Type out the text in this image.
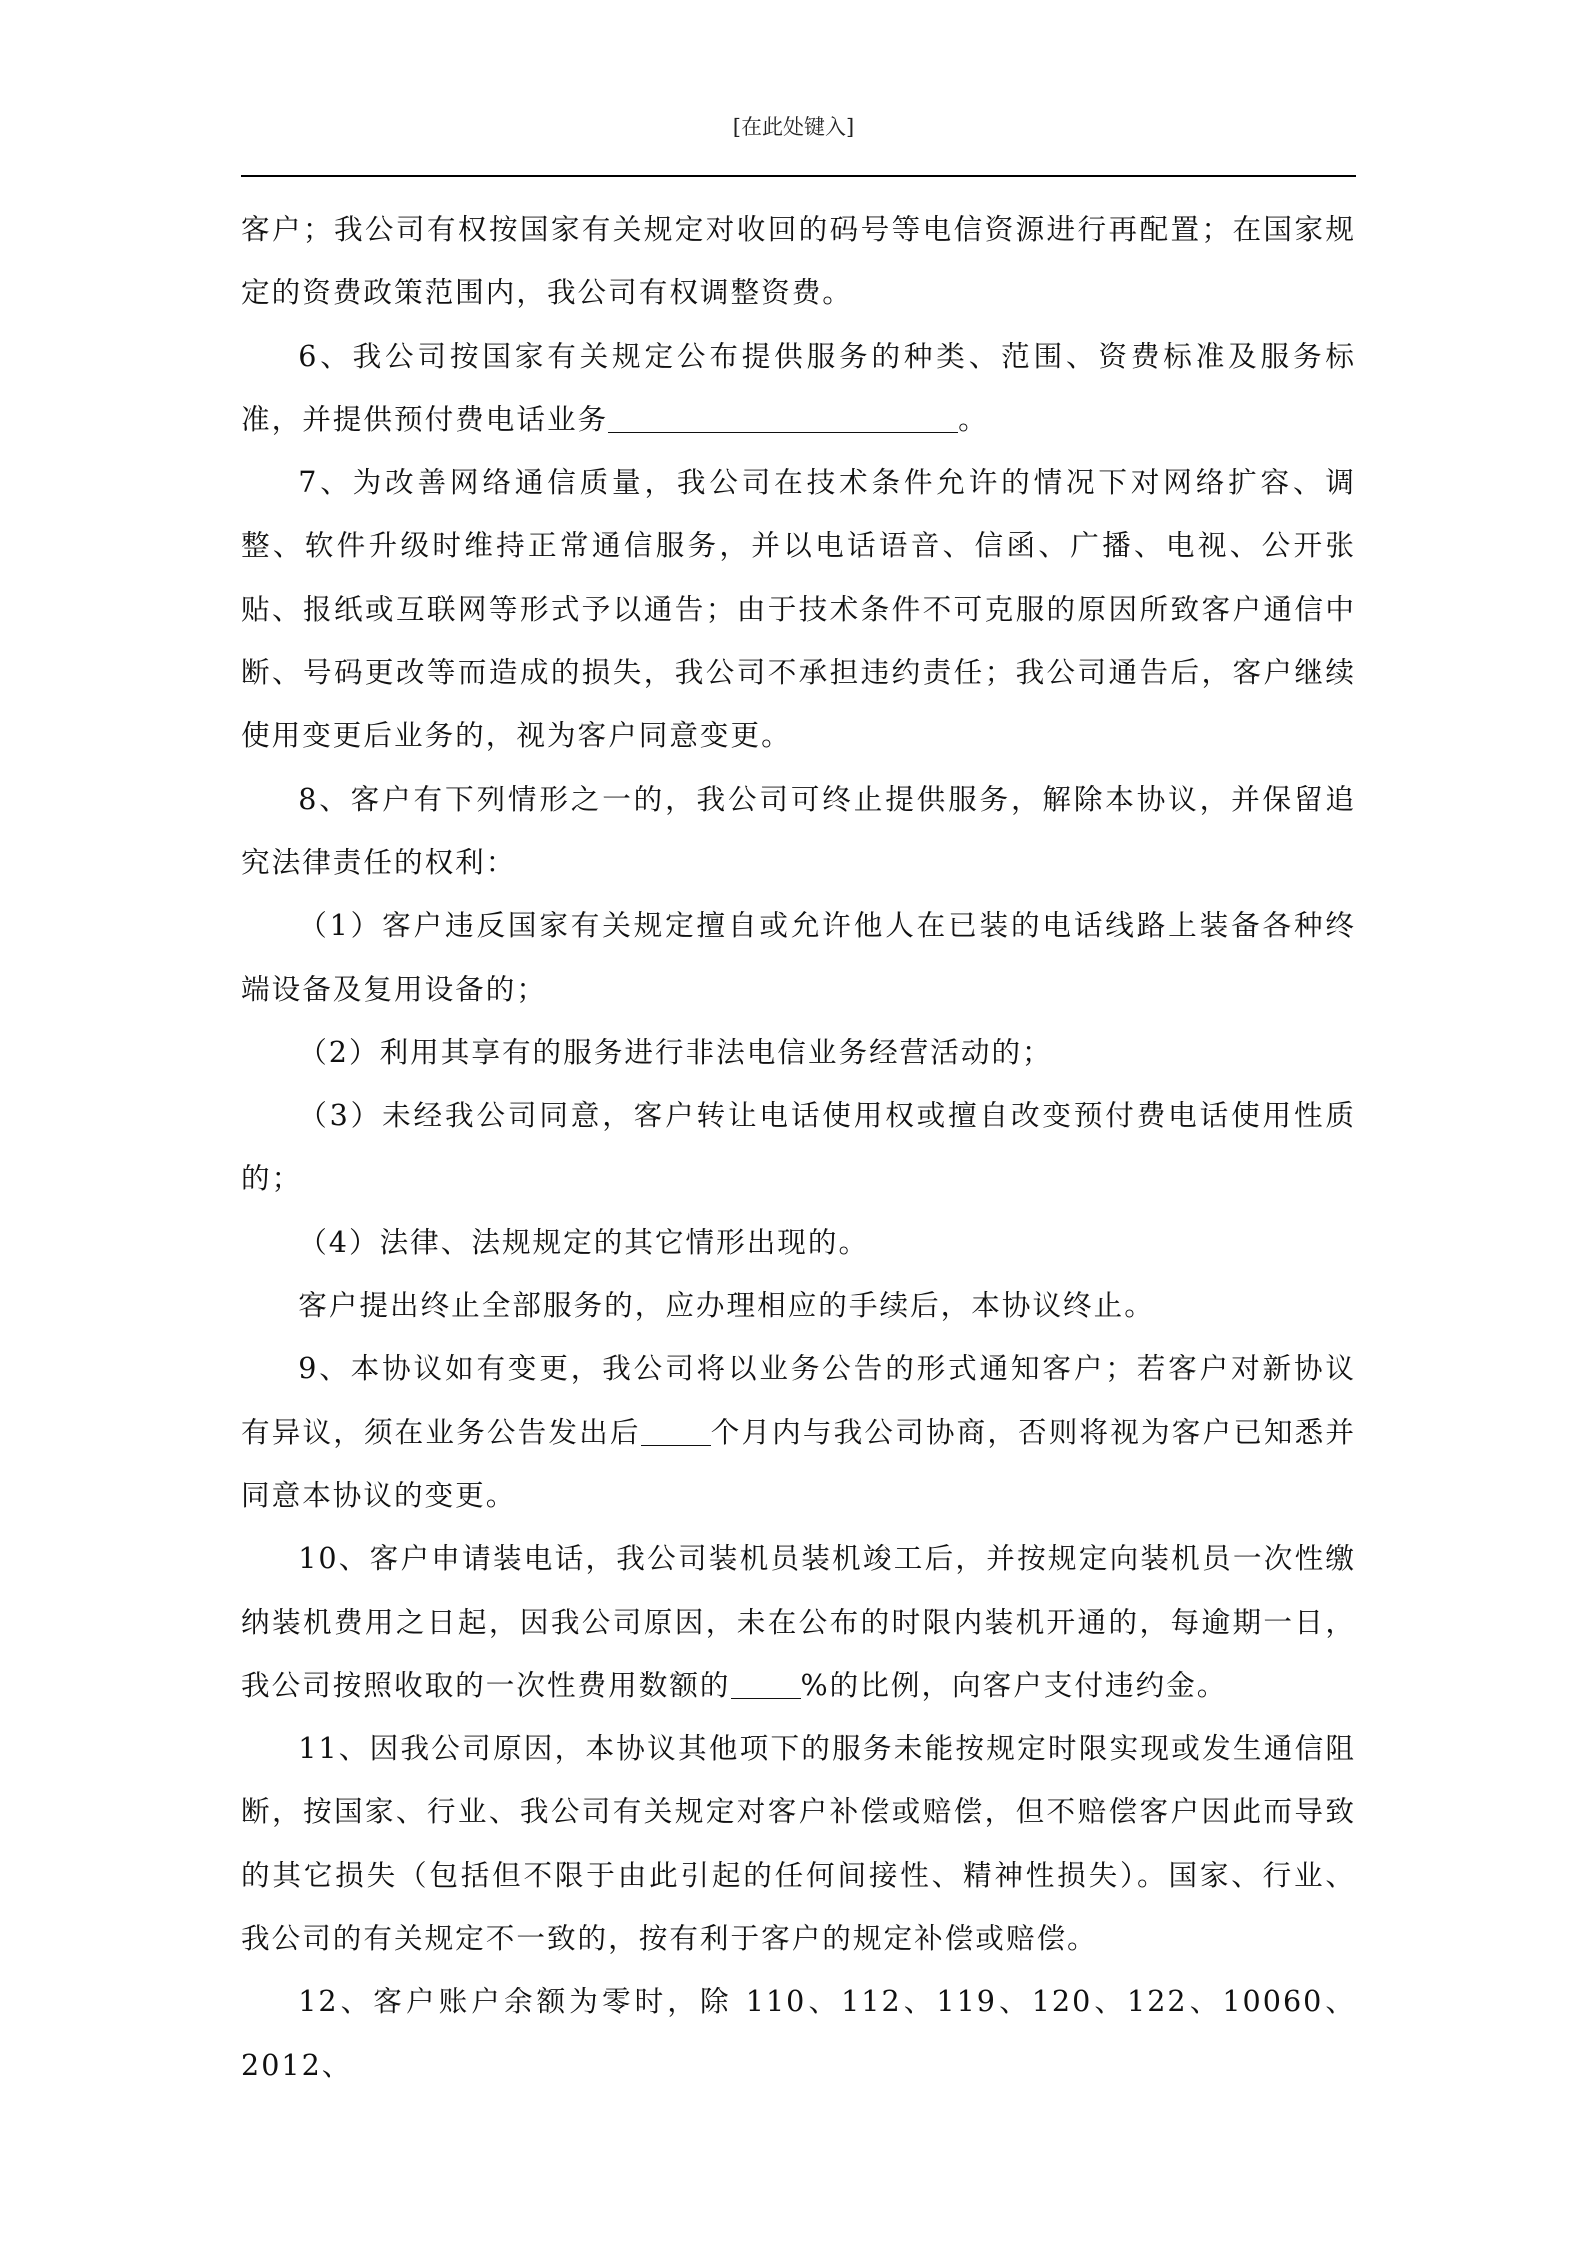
[在此处键入]

客户；我公司有权按国家有关规定对收回的码号等电信资源进行再配置；在国家规定的资费政策范围内，我公司有权调整资费。

6、我公司按国家有关规定公布提供服务的种类、范围、资费标准及服务标准，并提供预付费电话业务	。

7、为改善网络通信质量，我公司在技术条件允许的情况下对网络扩容、调整、软件升级时维持正常通信服务，并以电话语音、信函、广播、电视、公开张贴、报纸或互联网等形式予以通告；由于技术条件不可克服的原因所致客户通信中断、号码更改等而造成的损失，我公司不承担违约责任；我公司通告后，客户继续使用变更后业务的，视为客户同意变更。

8、客户有下列情形之一的，我公司可终止提供服务，解除本协议，并保留追究法律责任的权利：

（1）客户违反国家有关规定擅自或允许他人在已装的电话线路上装备各种终端设备及复用设备的；

（2）利用其享有的服务进行非法电信业务经营活动的；

（3）未经我公司同意，客户转让电话使用权或擅自改变预付费电话使用性质的；

（4）法律、法规规定的其它情形出现的。

客户提出终止全部服务的，应办理相应的手续后，本协议终止。

9、本协议如有变更，我公司将以业务公告的形式通知客户；若客户对新协议有异议，须在业务公告发出后 个月内与我公司协商，否则将视为客户已知悉并同意本协议的变更。

10、客户申请装电话，我公司装机员装机竣工后，并按规定向装机员一次性缴纳装机费用之日起，因我公司原因，未在公布的时限内装机开通的，每逾期一日，我公司按照收取的一次性费用数额的 %的比例，向客户支付违约金。

11、因我公司原因，本协议其他项下的服务未能按规定时限实现或发生通信阻断，按国家、行业、我公司有关规定对客户补偿或赔偿，但不赔偿客户因此而导致的其它损失（包括但不限于由此引起的任何间接性、精神性损失）。国家、行业、我公司的有关规定不一致的，按有利于客户的规定补偿或赔偿。

12、客户账户余额为零时，除 110、112、119、120、122、10060、2012、
